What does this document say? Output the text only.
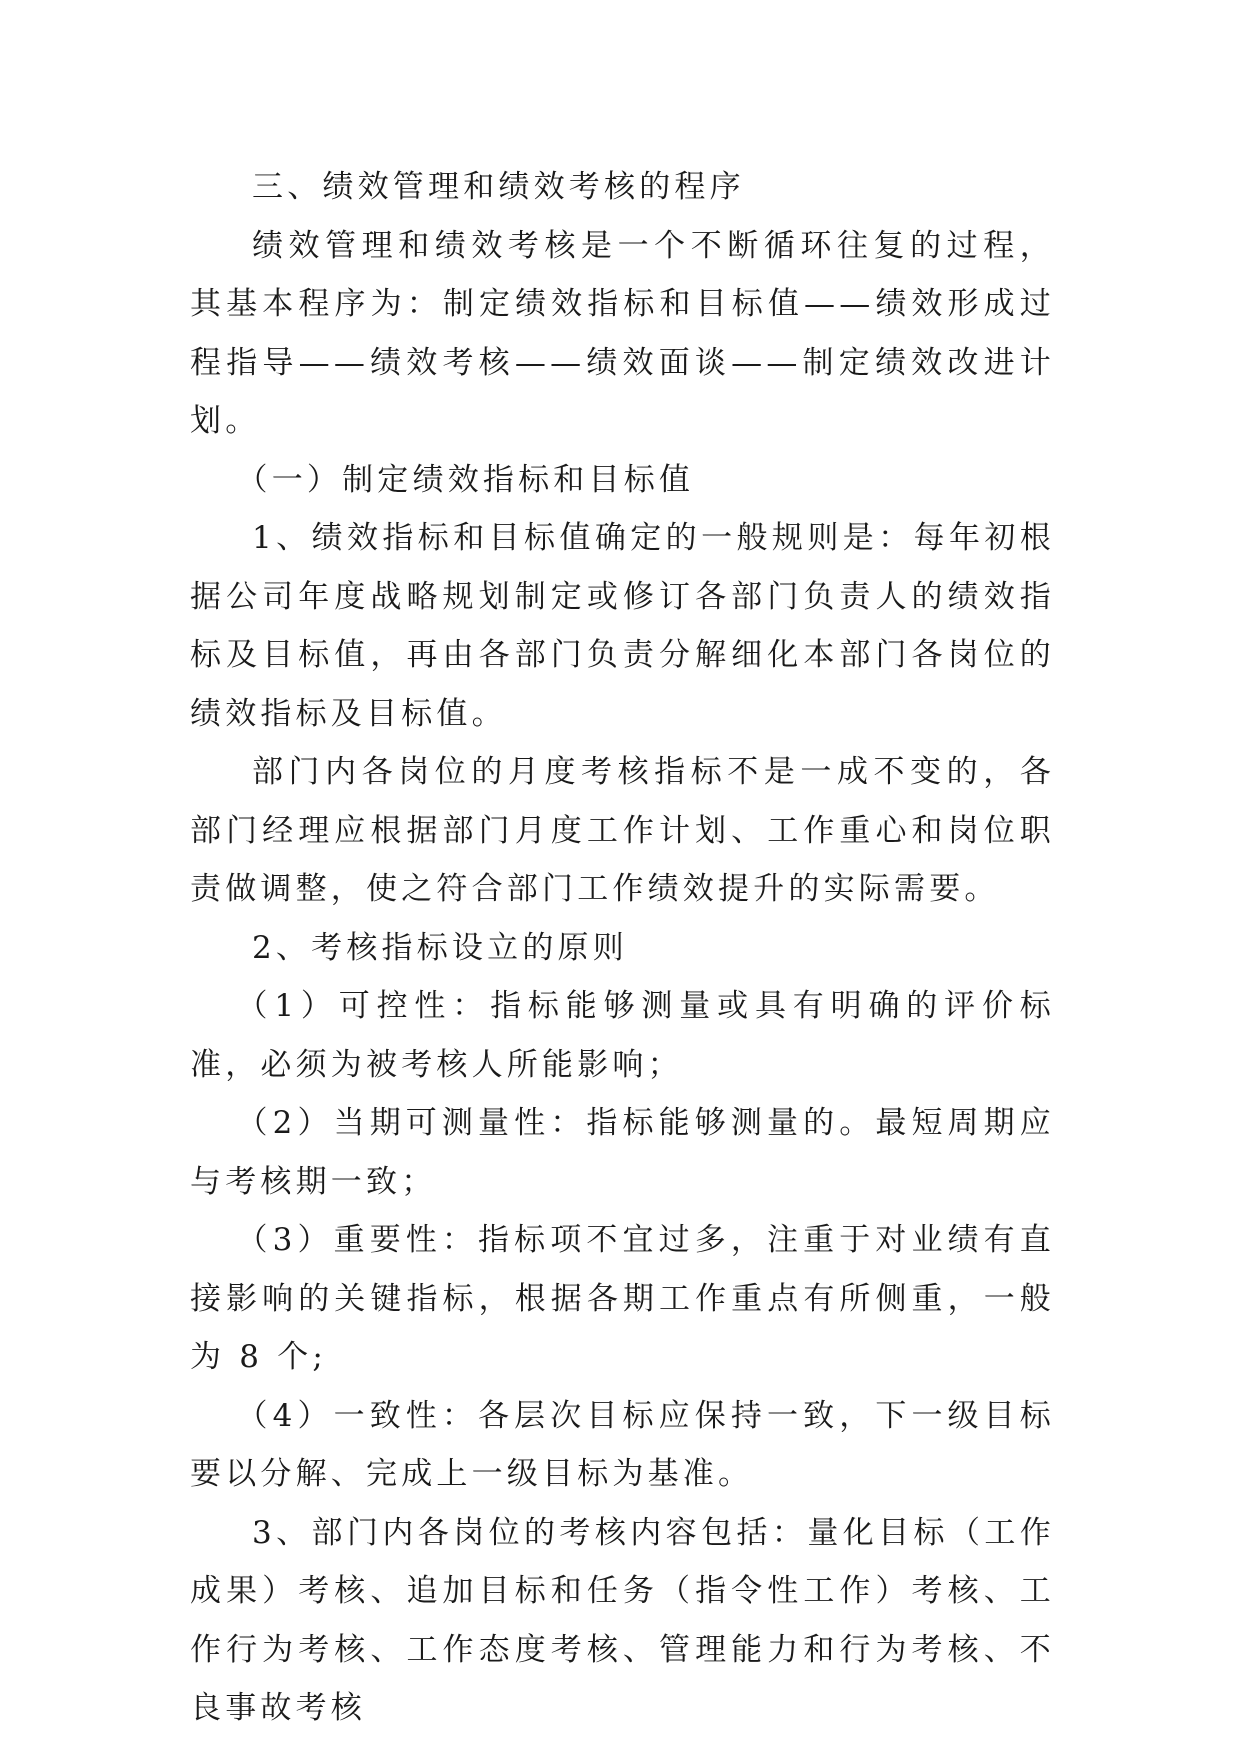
三、绩效管理和绩效考核的程序

绩效管理和绩效考核是一个不断循环往复的过程，其基本程序为：制定绩效指标和目标值——绩效形成过程指导——绩效考核——绩效面谈——制定绩效改进计划。

（一）制定绩效指标和目标值

1、绩效指标和目标值确定的一般规则是：每年初根据公司年度战略规划制定或修订各部门负责人的绩效指标及目标值，再由各部门负责分解细化本部门各岗位的绩效指标及目标值。

部门内各岗位的月度考核指标不是一成不变的，各部门经理应根据部门月度工作计划、工作重心和岗位职责做调整，使之符合部门工作绩效提升的实际需要。

2、考核指标设立的原则

（1）可控性：指标能够测量或具有明确的评价标准，必须为被考核人所能影响；

（2）当期可测量性：指标能够测量的。最短周期应与考核期一致；

（3）重要性：指标项不宜过多，注重于对业绩有直接影响的关键指标，根据各期工作重点有所侧重，一般为 8 个;

（4）一致性：各层次目标应保持一致，下一级目标要以分解、完成上一级目标为基准。

3、部门内各岗位的考核内容包括：量化目标（工作成果）考核、追加目标和任务（指令性工作）考核、工作行为考核、工作态度考核、管理能力和行为考核、不良事故考核
